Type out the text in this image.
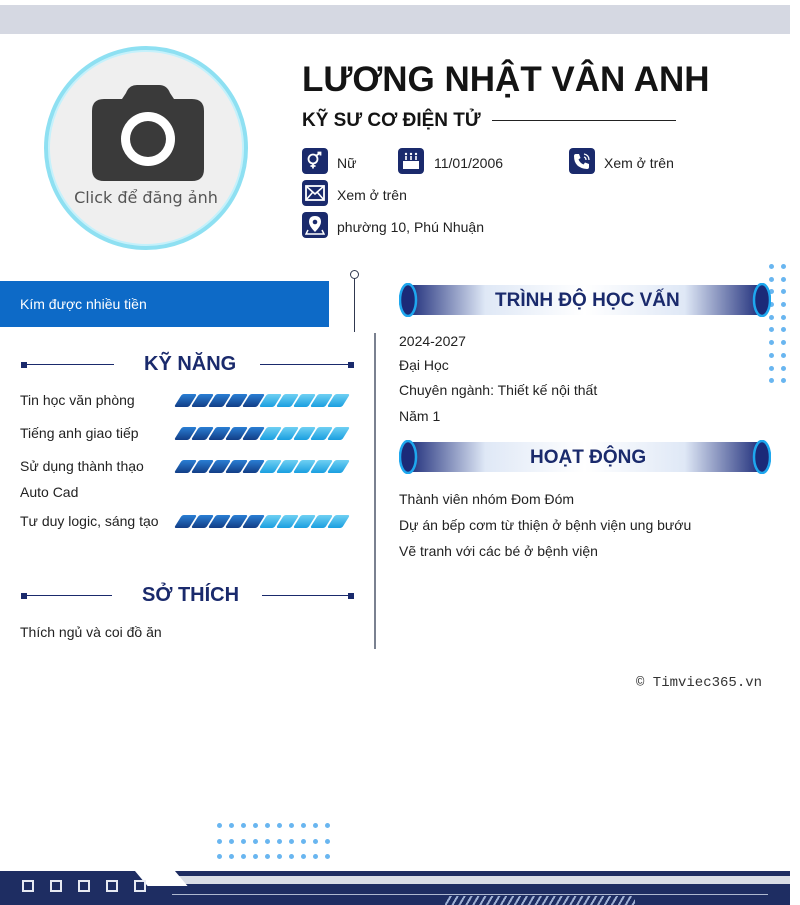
Click để đăng ảnh
LƯƠNG NHẬT VÂN ANH
KỸ SƯ CƠ ĐIỆN TỬ
Nữ	11/01/2006	Xem ở trên
Xem ở trên
phường 10, Phú Nhuận
Kím được nhiều tiền
KỸ NĂNG
Tin học văn phòng
Tiếng anh giao tiếp
Sử dụng thành thạo Auto Cad
Tư duy logic, sáng tạo
SỞ THÍCH
Thích ngủ và coi đồ ăn
TRÌNH ĐỘ HỌC VẤN
2024-2027
Đại Học
Chuyên ngành: Thiết kế nội thất
Năm 1
HOẠT ĐỘNG
Thành viên nhóm Đom Đóm
Dự án bếp cơm từ thiện ở bệnh viện ung bướu
Vẽ tranh với các bé ở bệnh viện
© Timviec365.vn
